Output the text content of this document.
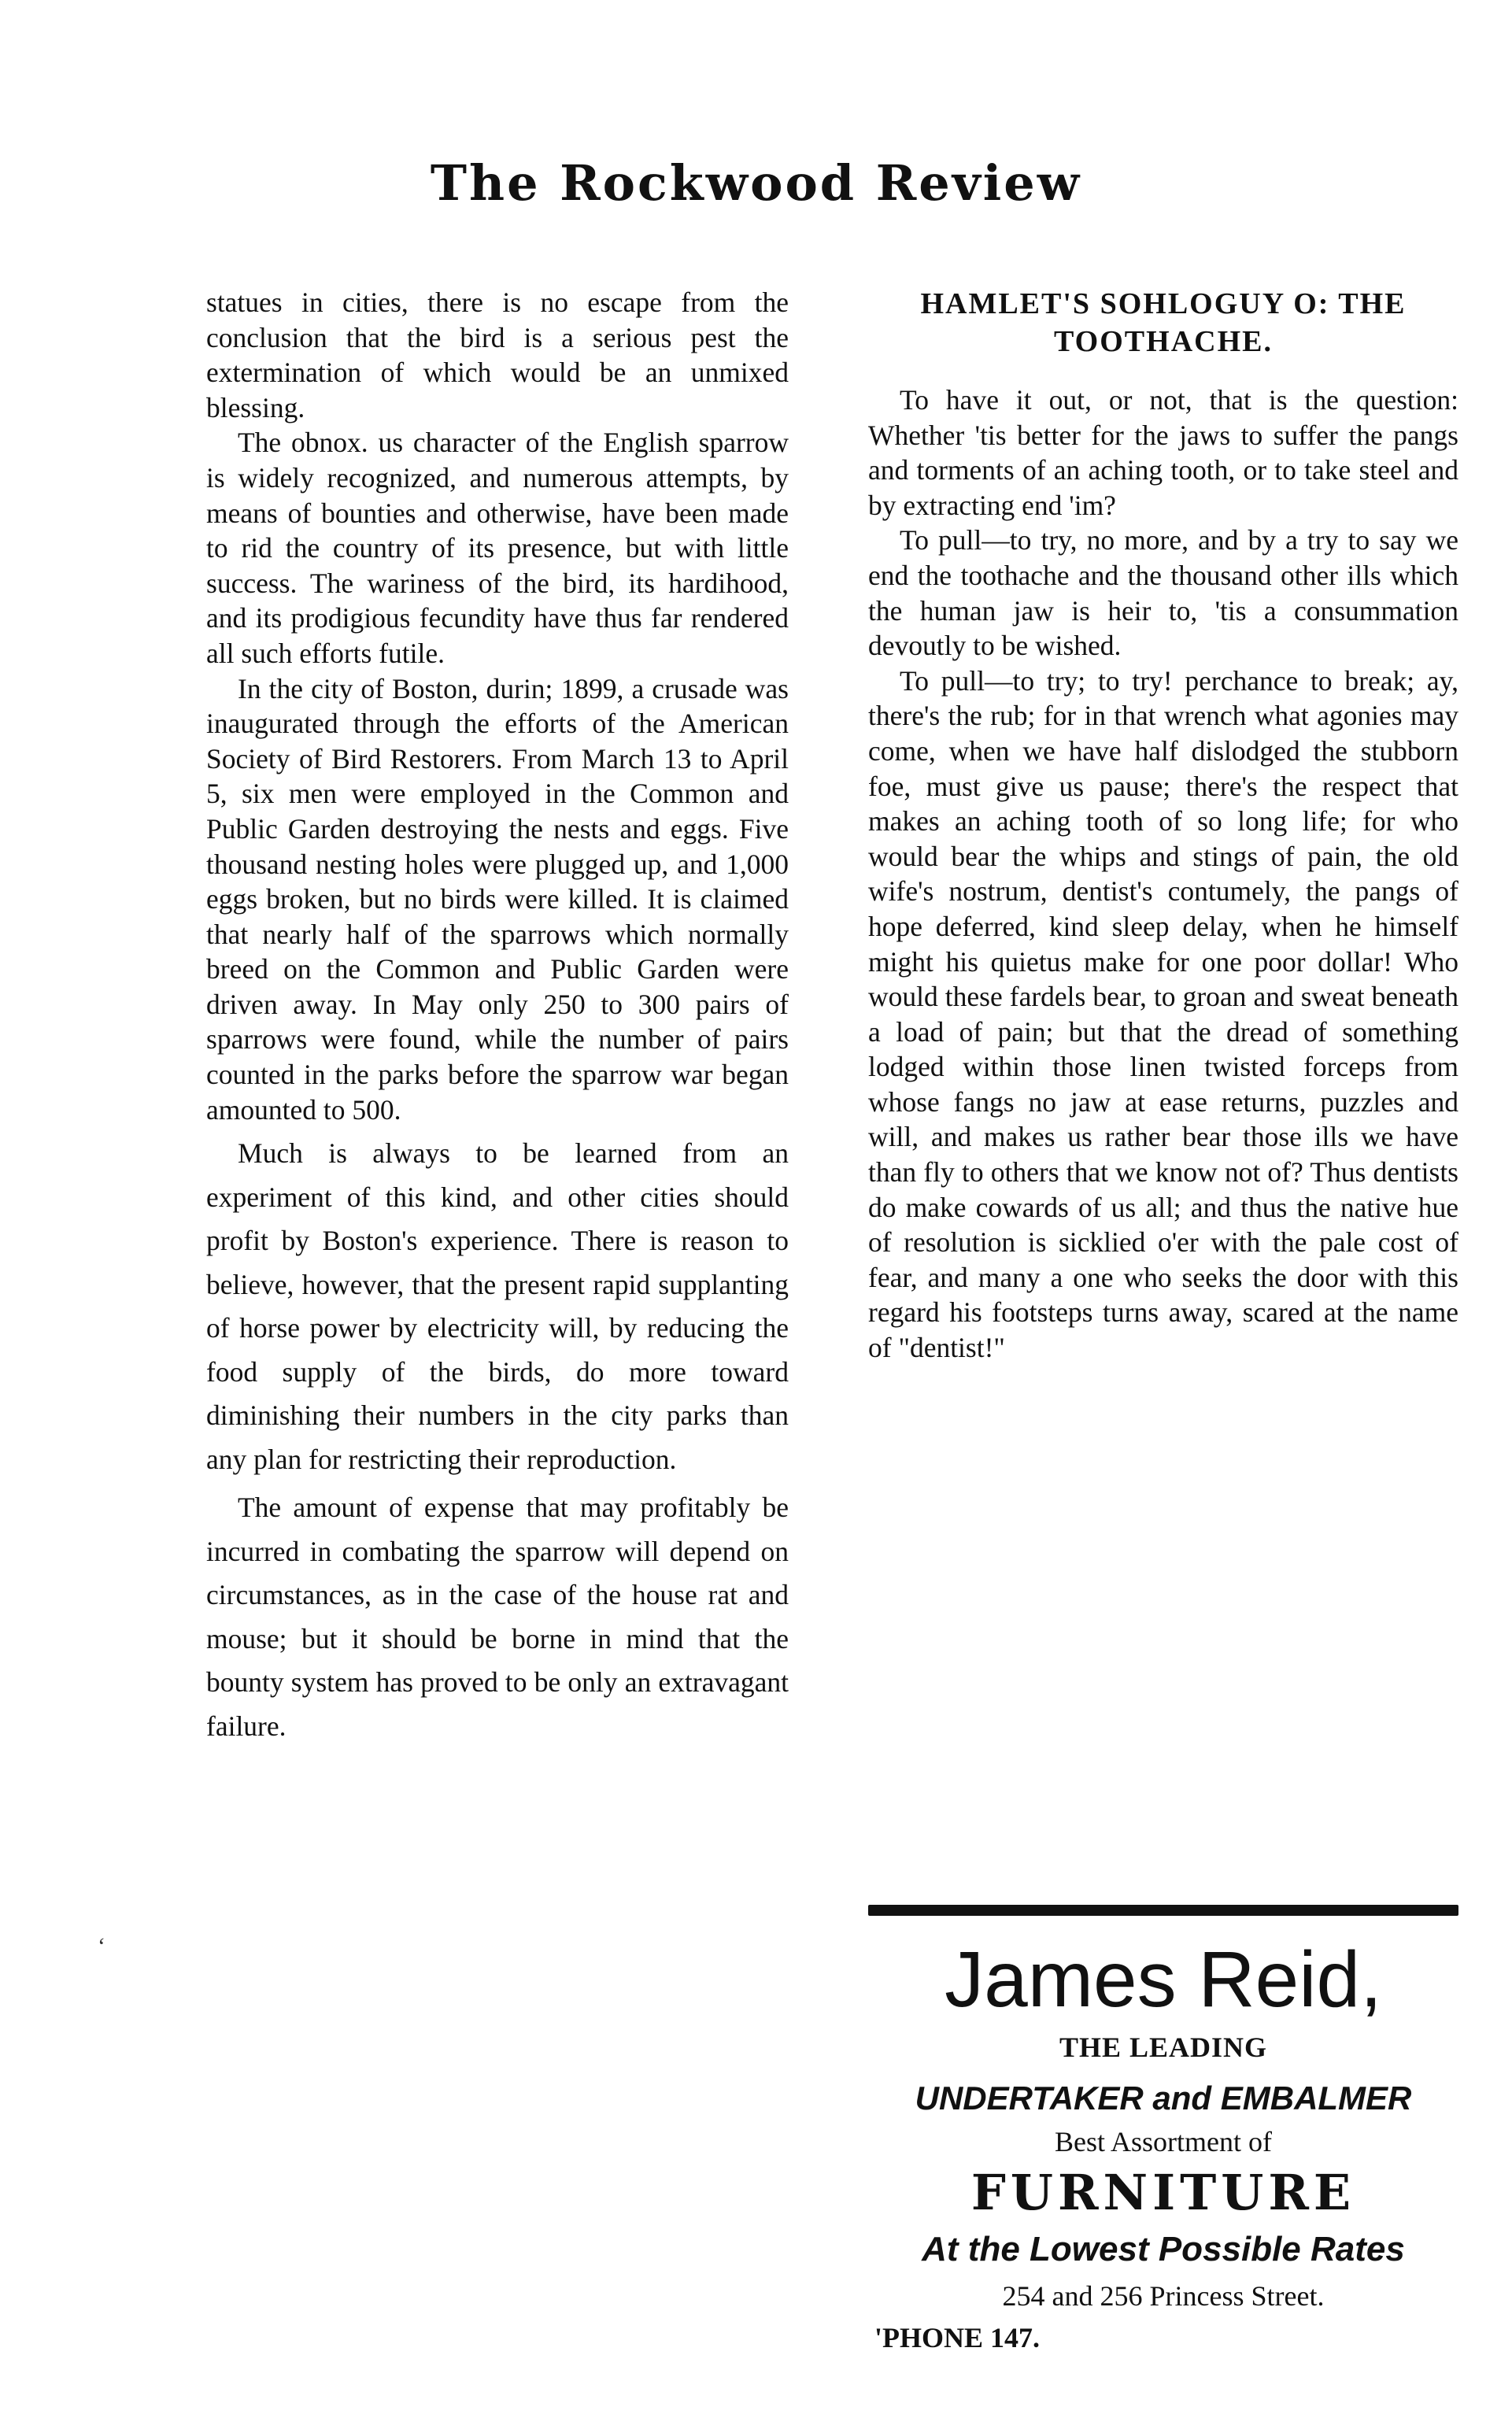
The Rockwood Review

statues in cities, there is no escape from the conclusion that the bird is a serious pest the extermination of which would be an unmixed blessing.

The obnox. us character of the English sparrow is widely recognized, and numerous attempts, by means of bounties and otherwise, have been made to rid the country of its presence, but with little success. The wariness of the bird, its hardihood, and its prodigious fecundity have thus far rendered all such efforts futile.

In the city of Boston, durin; 1899, a crusade was inaugurated through the efforts of the American Society of Bird Restorers. From March 13 to April 5, six men were employed in the Common and Public Garden destroying the nests and eggs. Five thousand nesting holes were plugged up, and 1,000 eggs broken, but no birds were killed. It is claimed that nearly half of the sparrows which normally breed on the Common and Public Garden were driven away. In May only 250 to 300 pairs of sparrows were found, while the number of pairs counted in the parks before the sparrow war began amounted to 500.

Much is always to be learned from an experiment of this kind, and other cities should profit by Boston's experience. There is reason to believe, however, that the present rapid supplanting of horse power by electricity will, by reducing the food supply of the birds, do more toward diminishing their numbers in the city parks than any plan for restricting their reproduction.

The amount of expense that may profitably be incurred in combating the sparrow will depend on circumstances, as in the case of the house rat and mouse; but it should be borne in mind that the bounty system has proved to be only an extravagant failure.

HAMLET'S SOHLOGUY O: THE
TOOTHACHE.

To have it out, or not, that is the question: Whether 'tis better for the jaws to suffer the pangs and torments of an aching tooth, or to take steel and by extracting end 'im?

To pull—to try, no more, and by a try to say we end the toothache and the thousand other ills which the human jaw is heir to, 'tis a consummation devoutly to be wished.

To pull—to try; to try! perchance to break; ay, there's the rub; for in that wrench what agonies may come, when we have half dislodged the stubborn foe, must give us pause; there's the respect that makes an aching tooth of so long life; for who would bear the whips and stings of pain, the old wife's nostrum, dentist's contumely, the pangs of hope deferred, kind sleep delay, when he himself might his quietus make for one poor dollar! Who would these fardels bear, to groan and sweat beneath a load of pain; but that the dread of something lodged within those linen twisted forceps from whose fangs no jaw at ease returns, puzzles and will, and makes us rather bear those ills we have than fly to others that we know not of? Thus dentists do make cowards of us all; and thus the native hue of resolution is sicklied o'er with the pale cost of fear, and many a one who seeks the door with this regard his footsteps turns away, scared at the name of "dentist!"

James Reid,
THE LEADING
UNDERTAKER and EMBALMER
Best Assortment of
FURNITURE
At the Lowest Possible Rates
254 and 256 Princess Street.
'PHONE 147.
ʻ
